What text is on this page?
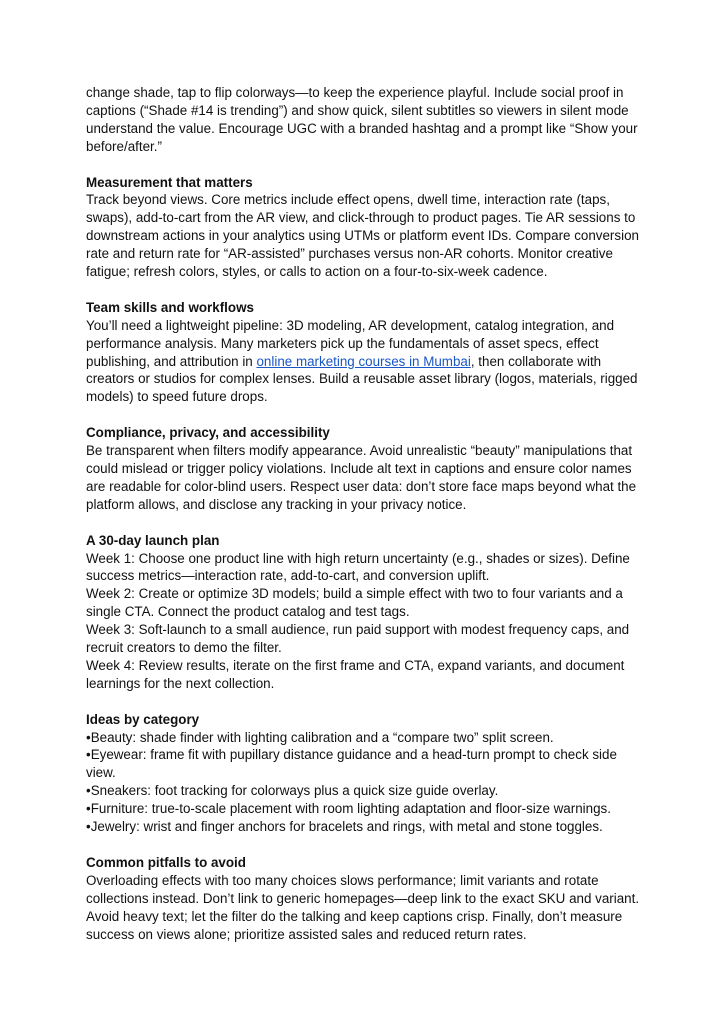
change shade, tap to flip colorways—to keep the experience playful. Include social proof in captions (“Shade #14 is trending”) and show quick, silent subtitles so viewers in silent mode understand the value. Encourage UGC with a branded hashtag and a prompt like “Show your before/after.”

Measurement that matters

Track beyond views. Core metrics include effect opens, dwell time, interaction rate (taps, swaps), add-to-cart from the AR view, and click-through to product pages. Tie AR sessions to downstream actions in your analytics using UTMs or platform event IDs. Compare conversion rate and return rate for “AR-assisted” purchases versus non-AR cohorts. Monitor creative fatigue; refresh colors, styles, or calls to action on a four-to-six-week cadence.

Team skills and workflows

You’ll need a lightweight pipeline: 3D modeling, AR development, catalog integration, and performance analysis. Many marketers pick up the fundamentals of asset specs, effect publishing, and attribution in online marketing courses in Mumbai, then collaborate with creators or studios for complex lenses. Build a reusable asset library (logos, materials, rigged models) to speed future drops.

Compliance, privacy, and accessibility

Be transparent when filters modify appearance. Avoid unrealistic “beauty” manipulations that could mislead or trigger policy violations. Include alt text in captions and ensure color names are readable for color-blind users. Respect user data: don’t store face maps beyond what the platform allows, and disclose any tracking in your privacy notice.

A 30-day launch plan

Week 1: Choose one product line with high return uncertainty (e.g., shades or sizes). Define success metrics—interaction rate, add-to-cart, and conversion uplift.

Week 2: Create or optimize 3D models; build a simple effect with two to four variants and a single CTA. Connect the product catalog and test tags.

Week 3: Soft-launch to a small audience, run paid support with modest frequency caps, and recruit creators to demo the filter.

Week 4: Review results, iterate on the first frame and CTA, expand variants, and document learnings for the next collection.

Ideas by category

•Beauty: shade finder with lighting calibration and a “compare two” split screen.

•Eyewear: frame fit with pupillary distance guidance and a head-turn prompt to check side view.

•Sneakers: foot tracking for colorways plus a quick size guide overlay.

•Furniture: true-to-scale placement with room lighting adaptation and floor-size warnings.

•Jewelry: wrist and finger anchors for bracelets and rings, with metal and stone toggles.

Common pitfalls to avoid

Overloading effects with too many choices slows performance; limit variants and rotate collections instead. Don’t link to generic homepages—deep link to the exact SKU and variant. Avoid heavy text; let the filter do the talking and keep captions crisp. Finally, don’t measure success on views alone; prioritize assisted sales and reduced return rates.
